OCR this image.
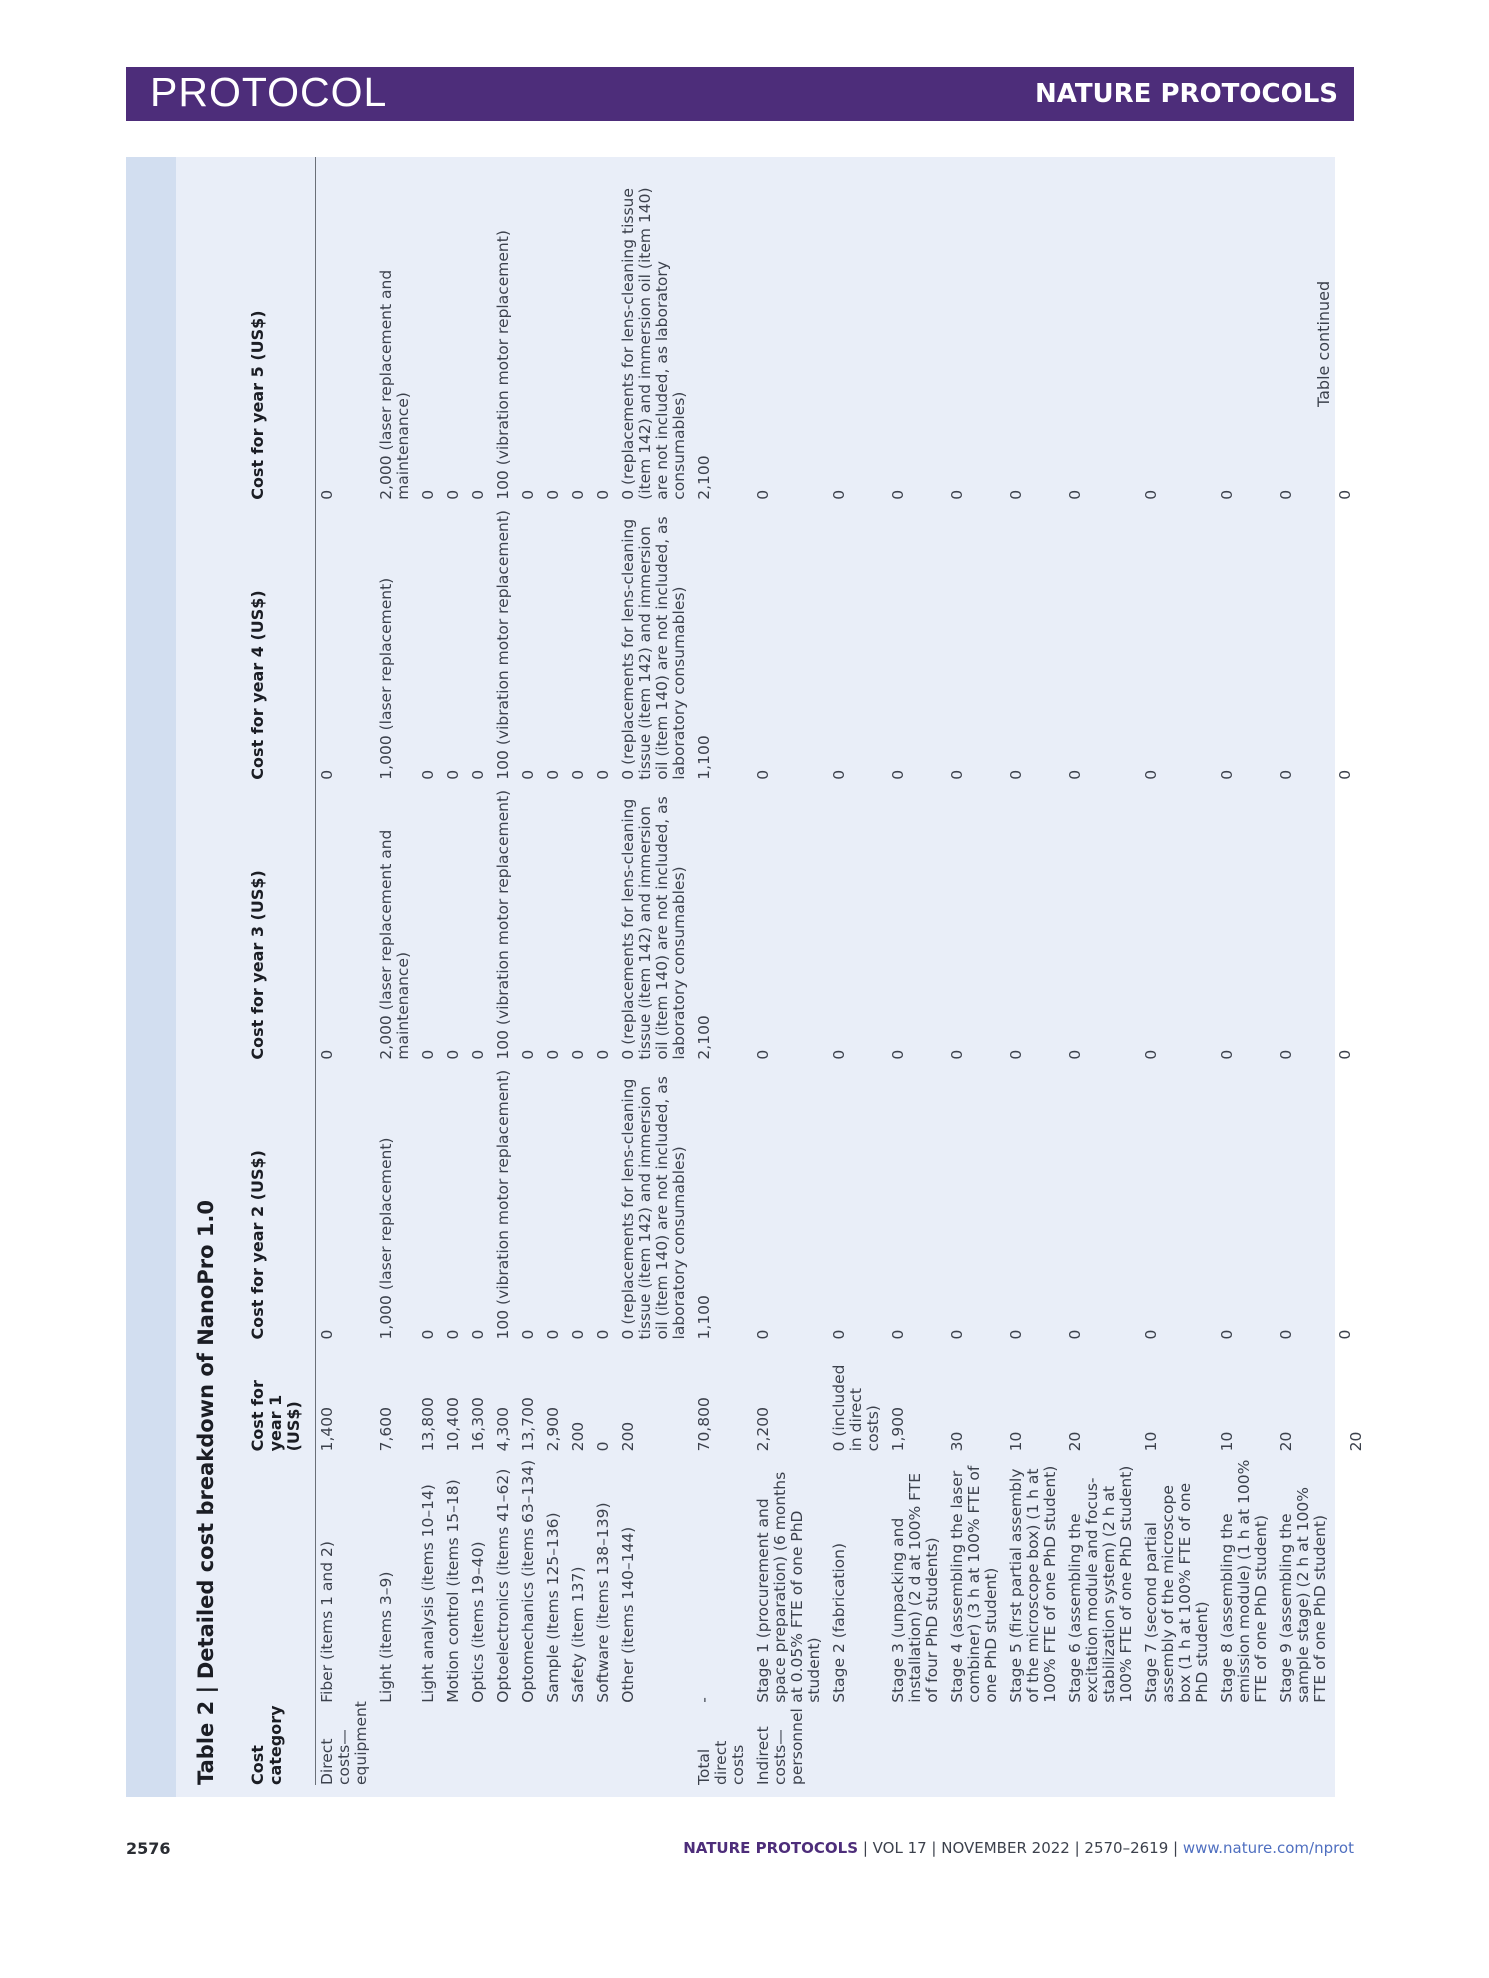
PROTOCOL	NATURE PROTOCOLS
Table 2 | Detailed cost breakdown of NanoPro 1.0
Cost category		Cost for year 1 (US$)	Cost for year 2 (US$)	Cost for year 3 (US$)	Cost for year 4 (US$)	Cost for year 5 (US$)
Direct costs—equipment	Fiber (items 1 and 2)	1,400	0	0	0	0
	Light (items 3–9)	7,600	1,000 (laser replacement)	2,000 (laser replacement and maintenance)	1,000 (laser replacement)	2,000 (laser replacement and maintenance)
	Light analysis (items 10–14)	13,800	0	0	0	0
	Motion control (items 15–18)	10,400	0	0	0	0
	Optics (items 19–40)	16,300	0	0	0	0
	Optoelectronics (items 41–62)	4,300	100 (vibration motor replacement)	100 (vibration motor replacement)	100 (vibration motor replacement)	100 (vibration motor replacement)
	Optomechanics (items 63–134)	13,700	0	0	0	0
	Sample (Items 125–136)	2,900	0	0	0	0
	Safety (item 137)	200	0	0	0	0
	Software (items 138–139)	0	0	0	0	0
	Other (items 140–144)	200	0 (replacements for lens-cleaning tissue (item 142) and immersion oil (item 140) are not included, as laboratory consumables)	0 (replacements for lens-cleaning tissue (item 142) and immersion oil (item 140) are not included, as laboratory consumables)	0 (replacements for lens-cleaning tissue (item 142) and immersion oil (item 140) are not included, as laboratory consumables)	0 (replacements for lens-cleaning tissue (item 142) and immersion oil (item 140) are not included, as laboratory consumables)
Total direct costs	-	70,800	1,100	2,100	1,100	2,100
Indirect costs—personnel	Stage 1 (procurement and space preparation) (6 months at 0.05% FTE of one PhD student)	2,200	0	0	0	0
	Stage 2 (fabrication)	0 (included in direct costs)	0	0	0	0
	Stage 3 (unpacking and installation) (2 d at 100% FTE of four PhD students)	1,900	0	0	0	0
	Stage 4 (assembling the laser combiner) (3 h at 100% FTE of one PhD student)	30	0	0	0	0
	Stage 5 (first partial assembly of the microscope box) (1 h at 100% FTE of one PhD student)	10	0	0	0	0
	Stage 6 (assembling the excitation module and focus-stabilization system) (2 h at 100% FTE of one PhD student)	20	0	0	0	0
	Stage 7 (second partial assembly of the microscope box (1 h at 100% FTE of one PhD student)	10	0	0	0	0
	Stage 8 (assembling the emission module) (1 h at 100% FTE of one PhD student)	10	0	0	0	0
	Stage 9 (assembling the sample stage) (2 h at 100% FTE of one PhD student)	20	0	0	0	0
		20	0	0	0	0
Table continued
2576	NATURE PROTOCOLS | VOL 17 | NOVEMBER 2022 | 2570–2619 | www.nature.com/nprot
